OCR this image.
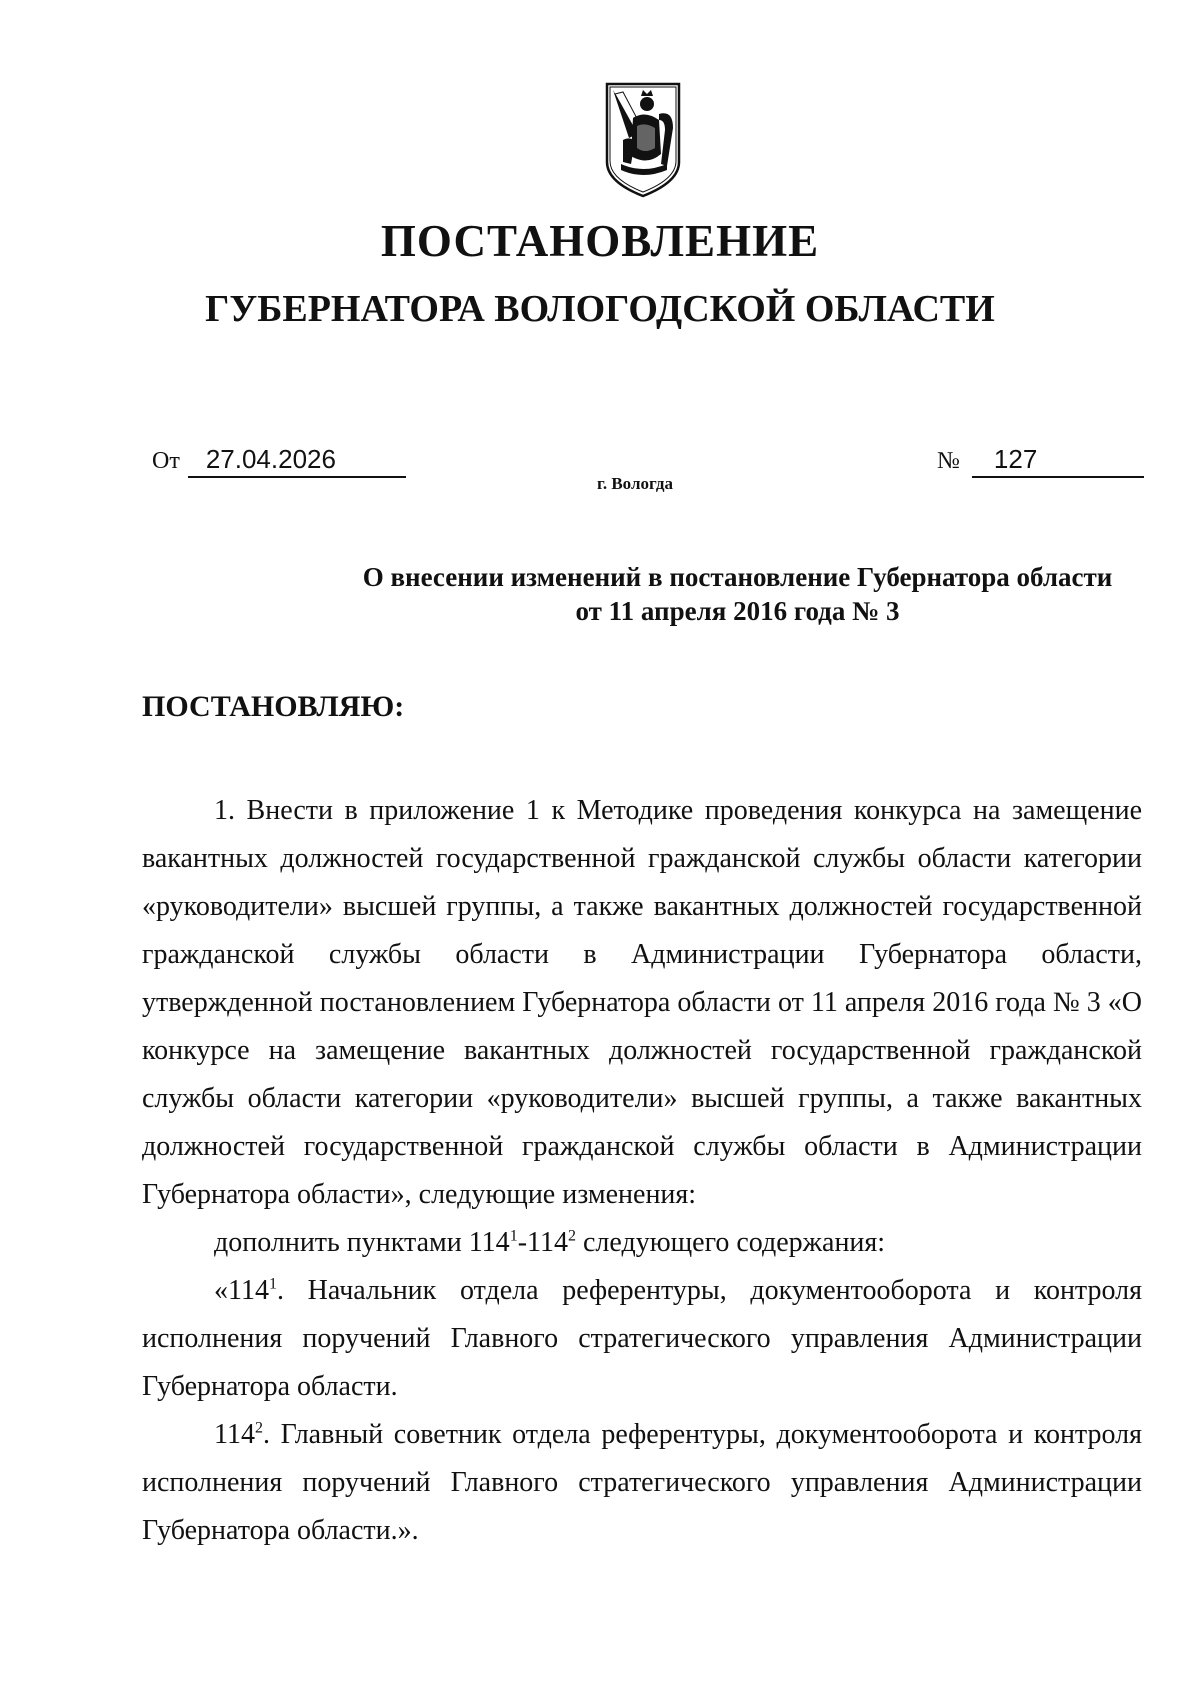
ПОСТАНОВЛЕНИЕ
ГУБЕРНАТОРА ВОЛОГОДСКОЙ ОБЛАСТИ
От 27.04.2026	№ 127
г. Вологда
О внесении изменений в постановление Губернатора области
от 11 апреля 2016 года № 3
ПОСТАНОВЛЯЮ:

1. Внести в приложение 1 к Методике проведения конкурса на замещение вакантных должностей государственной гражданской службы области категории «руководители» высшей группы, а также вакантных должностей государственной гражданской службы области в Администрации Губернатора области, утвержденной постановлением Губернатора области от 11 апреля 2016 года № 3 «О конкурсе на замещение вакантных должностей государственной гражданской службы области категории «руководители» высшей группы, а также вакантных должностей государственной гражданской службы области в Администрации Губернатора области», следующие изменения:

дополнить пунктами $114^1-114^2$ следующего содержания:

«$114^1$. Начальник отдела референтуры, документооборота и контроля исполнения поручений Главного стратегического управления Администрации Губернатора области.

$114^2$. Главный советник отдела референтуры, документооборота и контроля исполнения поручений Главного стратегического управления Администрации Губернатора области.».
